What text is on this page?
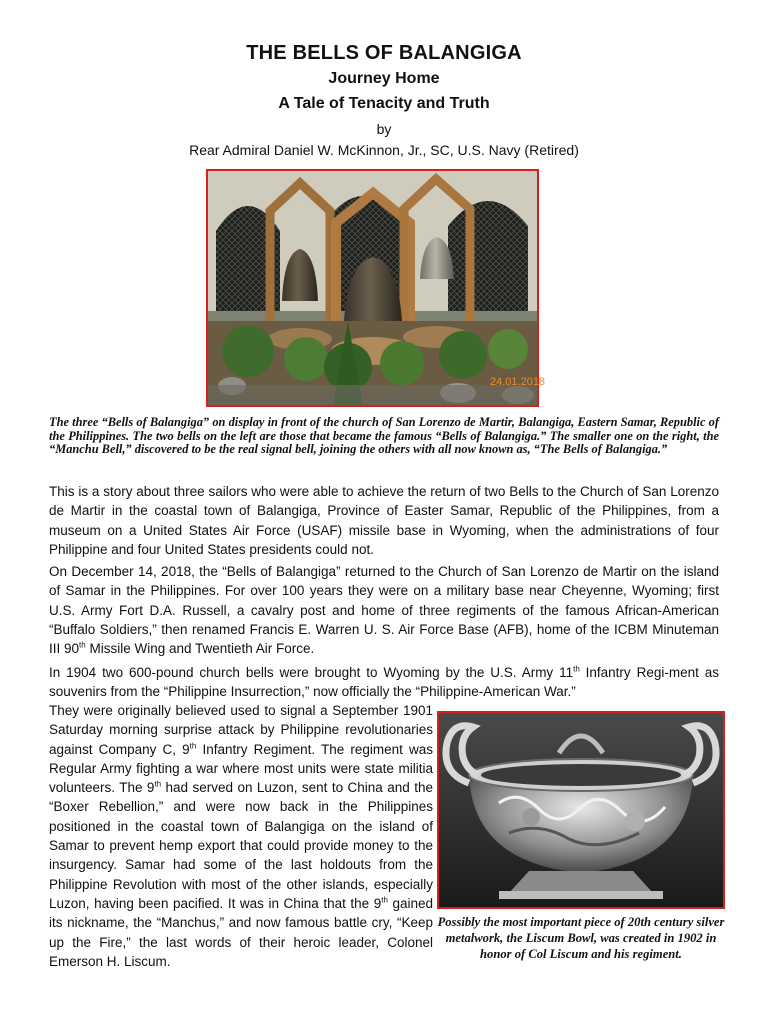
THE BELLS OF BALANGIGA
Journey Home
A Tale of Tenacity and Truth
by
Rear Admiral Daniel W. McKinnon, Jr., SC, U.S. Navy (Retired)
24.01.2018
The three “Bells of Balangiga” on display in front of the church of San Lorenzo de Martir, Balangiga, Eastern Samar, Republic of the Philippines. The two bells on the left are those that became the famous “Bells of Balangiga.” The smaller one on the right, the “Manchu Bell,” discovered to be the real signal bell, joining the others with all now known as, “The Bells of Balangiga.”
This is a story about three sailors who were able to achieve the return of two Bells to the Church of San Lorenzo de Martir in the coastal town of Balangiga, Province of Easter Samar, Republic of the Philippines, from a museum on a United States Air Force (USAF) missile base in Wyoming, when the administrations of four Philippine and four United States presidents could not.
On December 14, 2018, the “Bells of Balangiga” returned to the Church of San Lorenzo de Martir on the island of Samar in the Philippines. For over 100 years they were on a military base near Cheyenne, Wyoming; first U.S. Army Fort D.A. Russell, a cavalry post and home of three regiments of the famous African-American “Buffalo Soldiers,” then renamed Francis E. Warren U. S. Air Force Base (AFB), home of the ICBM Minuteman III 90th Missile Wing and Twentieth Air Force.
In 1904 two 600-pound church bells were brought to Wyoming by the U.S. Army 11th Infantry Regi-ment as souvenirs from the “Philippine Insurrection,” now officially the “Philippine-American War.”
They were originally believed used to signal a September 1901 Saturday morning surprise attack by Philippine revolutionaries against Company C, 9th Infantry Regiment. The regiment was Regular Army fighting a war where most units were state militia volunteers. The 9th had served on Luzon, sent to China and the “Boxer Rebellion,” and were now back in the Philippines positioned in the coastal town of Balangiga on the island of Samar to prevent hemp export that could provide money to the insurgency. Samar had some of the last holdouts from the Philippine Revolution with most of the other islands, especially Luzon, having been pacified. It was in China that the 9th gained its nickname, the “Manchus,” and now famous battle cry, “Keep up the Fire,” the last words of their heroic leader, Colonel Emerson H. Liscum.
Possibly the most important piece of 20th century silver metalwork, the Liscum Bowl, was created in 1902 in honor of Col Liscum and his regiment.
